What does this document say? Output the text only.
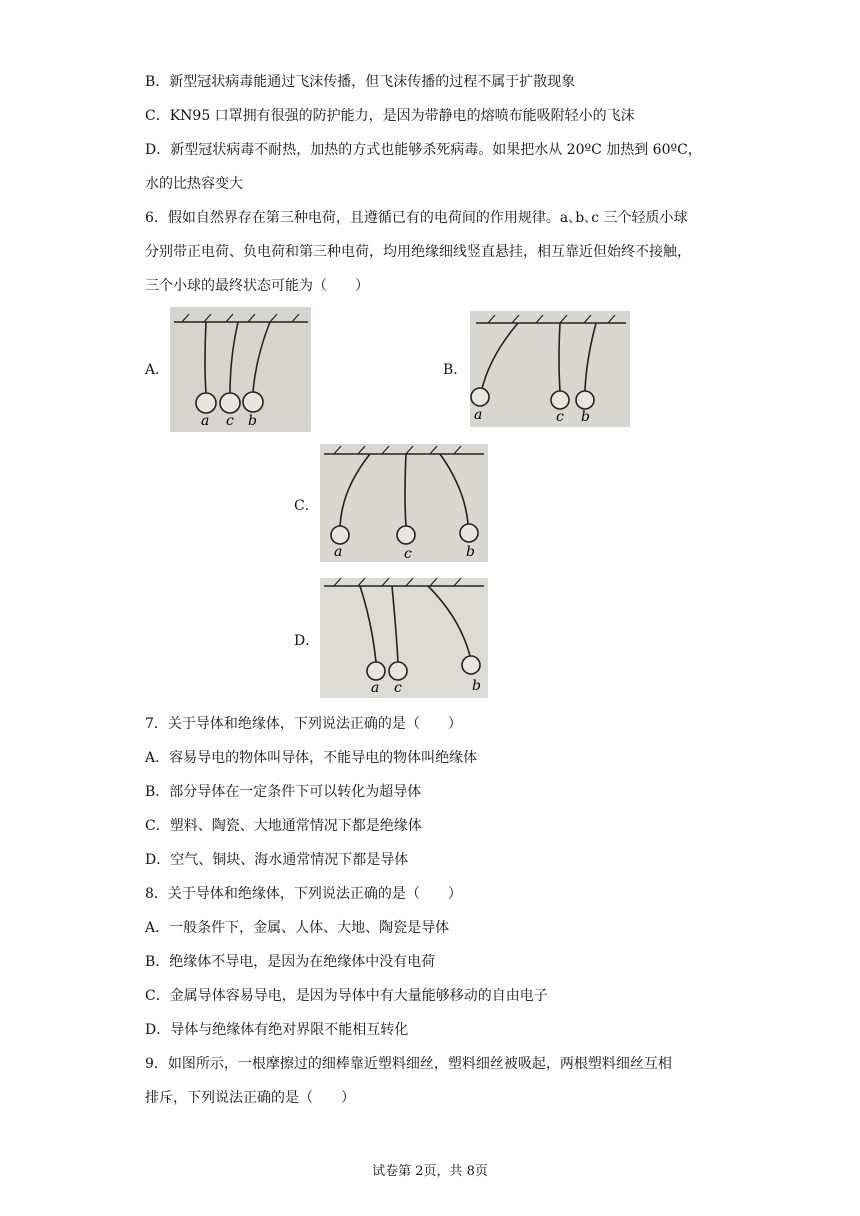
B．新型冠状病毒能通过飞沫传播，但飞沫传播的过程不属于扩散现象
C．KN95 口罩拥有很强的防护能力，是因为带静电的熔喷布能吸附轻小的飞沫
D．新型冠状病毒不耐热，加热的方式也能够杀死病毒。如果把水从 20ºC 加热到 60ºC，
水的比热容变大
6．假如自然界存在第三种电荷，且遵循已有的电荷间的作用规律。a､b､c 三个轻质小球
分别带正电荷、负电荷和第三种电荷，均用绝缘细线竖直悬挂，相互靠近但始终不接触，
三个小球的最终状态可能为（　　）
A．	B．
C．
D．
a c b	a	c b
a	c	b
a c	b
7．关于导体和绝缘体，下列说法正确的是（　　）
A．容易导电的物体叫导体，不能导电的物体叫绝缘体
B．部分导体在一定条件下可以转化为超导体
C．塑料、陶瓷、大地通常情况下都是绝缘体
D．空气、铜块、海水通常情况下都是导体
8．关于导体和绝缘体，下列说法正确的是（　　）
A．一般条件下，金属、人体、大地、陶瓷是导体
B．绝缘体不导电，是因为在绝缘体中没有电荷
C．金属导体容易导电，是因为导体中有大量能够移动的自由电子
D．导体与绝缘体有绝对界限不能相互转化
9．如图所示，一根摩擦过的细棒靠近塑料细丝，塑料细丝被吸起，两根塑料细丝互相
排斥，下列说法正确的是（　　）
试卷第 2页，共 8页
